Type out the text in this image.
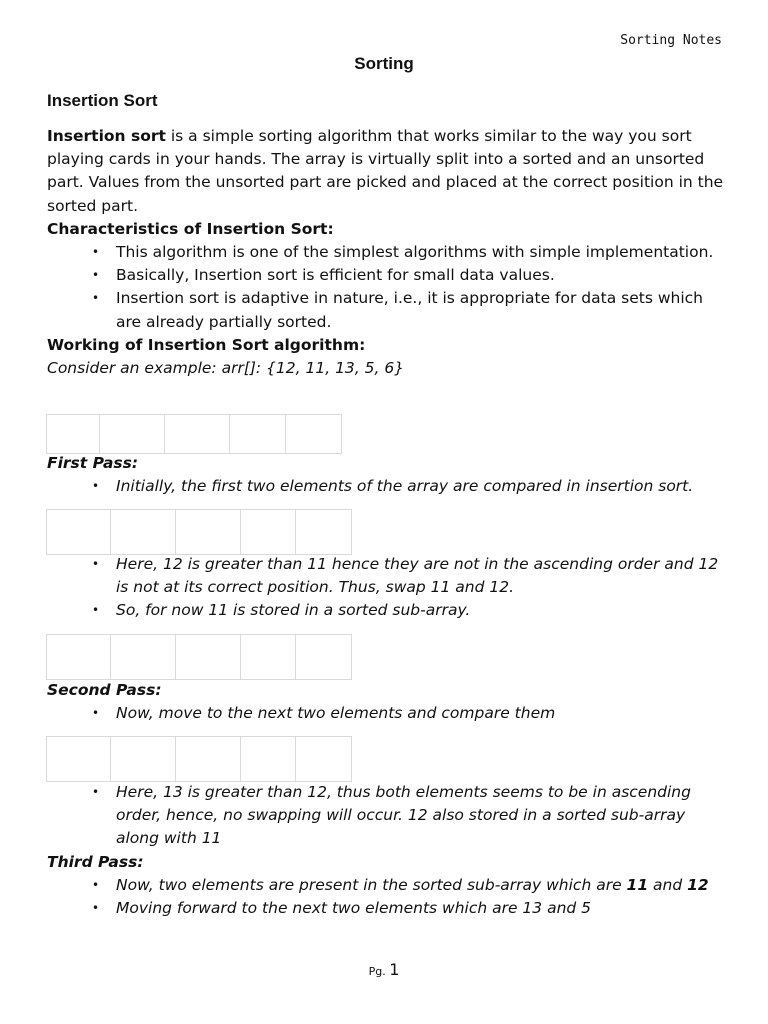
Sorting Notes
Sorting
Insertion Sort

Insertion sort is a simple sorting algorithm that works similar to the way you sort playing cards in your hands. The array is virtually split into a sorted and an unsorted part. Values from the unsorted part are picked and placed at the correct position in the sorted part.

Characteristics of Insertion Sort:

• This algorithm is one of the simplest algorithms with simple implementation.
• Basically, Insertion sort is efficient for small data values.
• Insertion sort is adaptive in nature, i.e., it is appropriate for data sets which are already partially sorted.

Working of Insertion Sort algorithm:

Consider an example: arr[]: {12, 11, 13, 5, 6}

First Pass:

• Initially, the first two elements of the array are compared in insertion sort.
• Here, 12 is greater than 11 hence they are not in the ascending order and 12 is not at its correct position. Thus, swap 11 and 12.
• So, for now 11 is stored in a sorted sub-array.

Second Pass:

• Now, move to the next two elements and compare them
• Here, 13 is greater than 12, thus both elements seems to be in ascending order, hence, no swapping will occur. 12 also stored in a sorted sub-array along with 11

Third Pass:

• Now, two elements are present in the sorted sub-array which are 11 and 12
• Moving forward to the next two elements which are 13 and 5
Pg. 1
